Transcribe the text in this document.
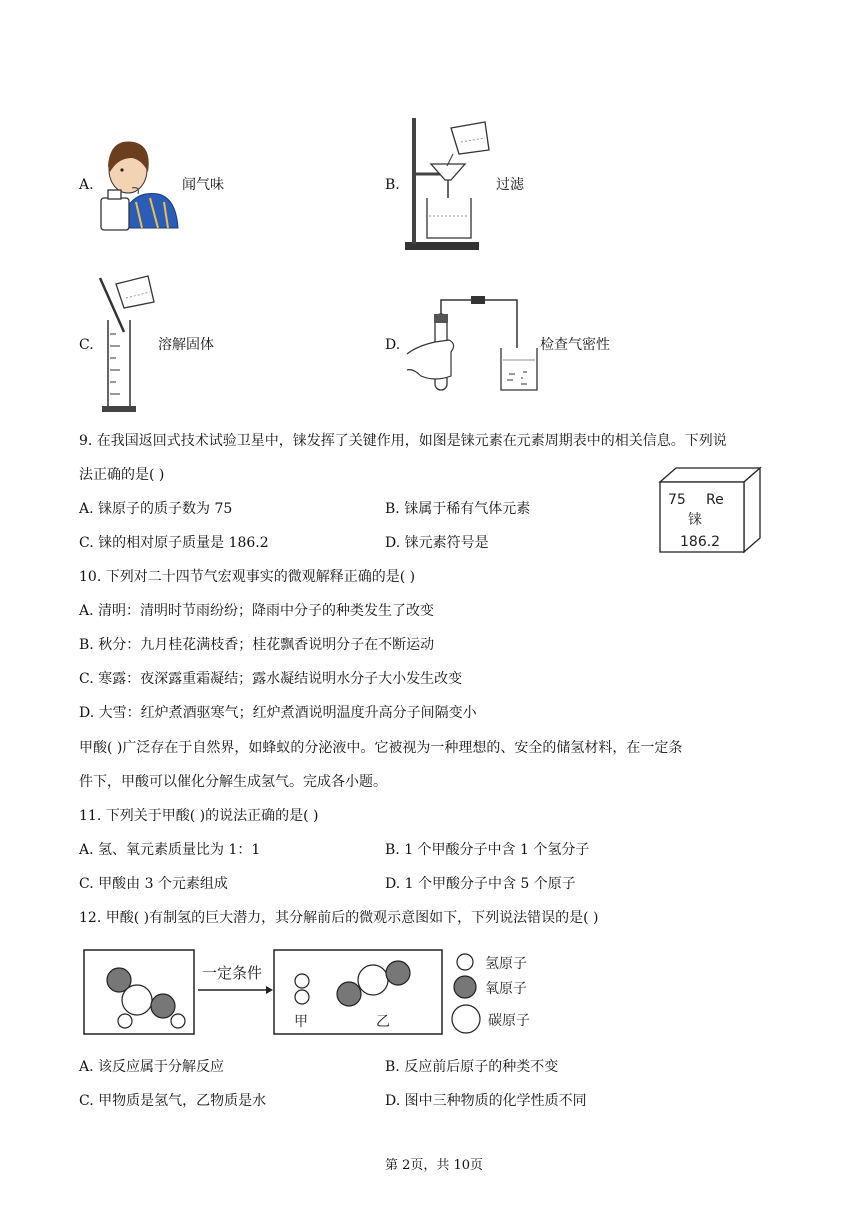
A.	闻气味	B.	过滤
C.	溶解固体	D.	检查气密性
9. 在我国返回式技术试验卫星中，铼发挥了关键作用，如图是铼元素在元素周期表中的相关信息。下列说
法正确的是( )
A. 铼原子的质子数为 75	B. 铼属于稀有气体元素
C. 铼的相对原子质量是 186.2	D. 铼元素符号是
75 Re
铼
186.2
10. 下列对二十四节气宏观事实的微观解释正确的是( )
A. 清明：清明时节雨纷纷；降雨中分子的种类发生了改变
B. 秋分：九月桂花满枝香；桂花飘香说明分子在不断运动
C. 寒露：夜深露重霜凝结；露水凝结说明水分子大小发生改变
D. 大雪：红炉煮酒驱寒气；红炉煮酒说明温度升高分子间隔变小
甲酸( )广泛存在于自然界，如蜂蚁的分泌液中。它被视为一种理想的、安全的储氢材料，在一定条
件下，甲酸可以催化分解生成氢气。完成各小题。
11. 下列关于甲酸( )的说法正确的是( )
A. 氢、氧元素质量比为 1：1	B. 1 个甲酸分子中含 1 个氢分子
C. 甲酸由 3 个元素组成	D. 1 个甲酸分子中含 5 个原子
12. 甲酸( )有制氢的巨大潜力，其分解前后的微观示意图如下，下列说法错误的是( )
一定条件
甲	乙
氢原子
氧原子
碳原子
A. 该反应属于分解反应	B. 反应前后原子的种类不变
C. 甲物质是氢气，乙物质是水	D. 图中三种物质的化学性质不同
第 2页，共 10页
